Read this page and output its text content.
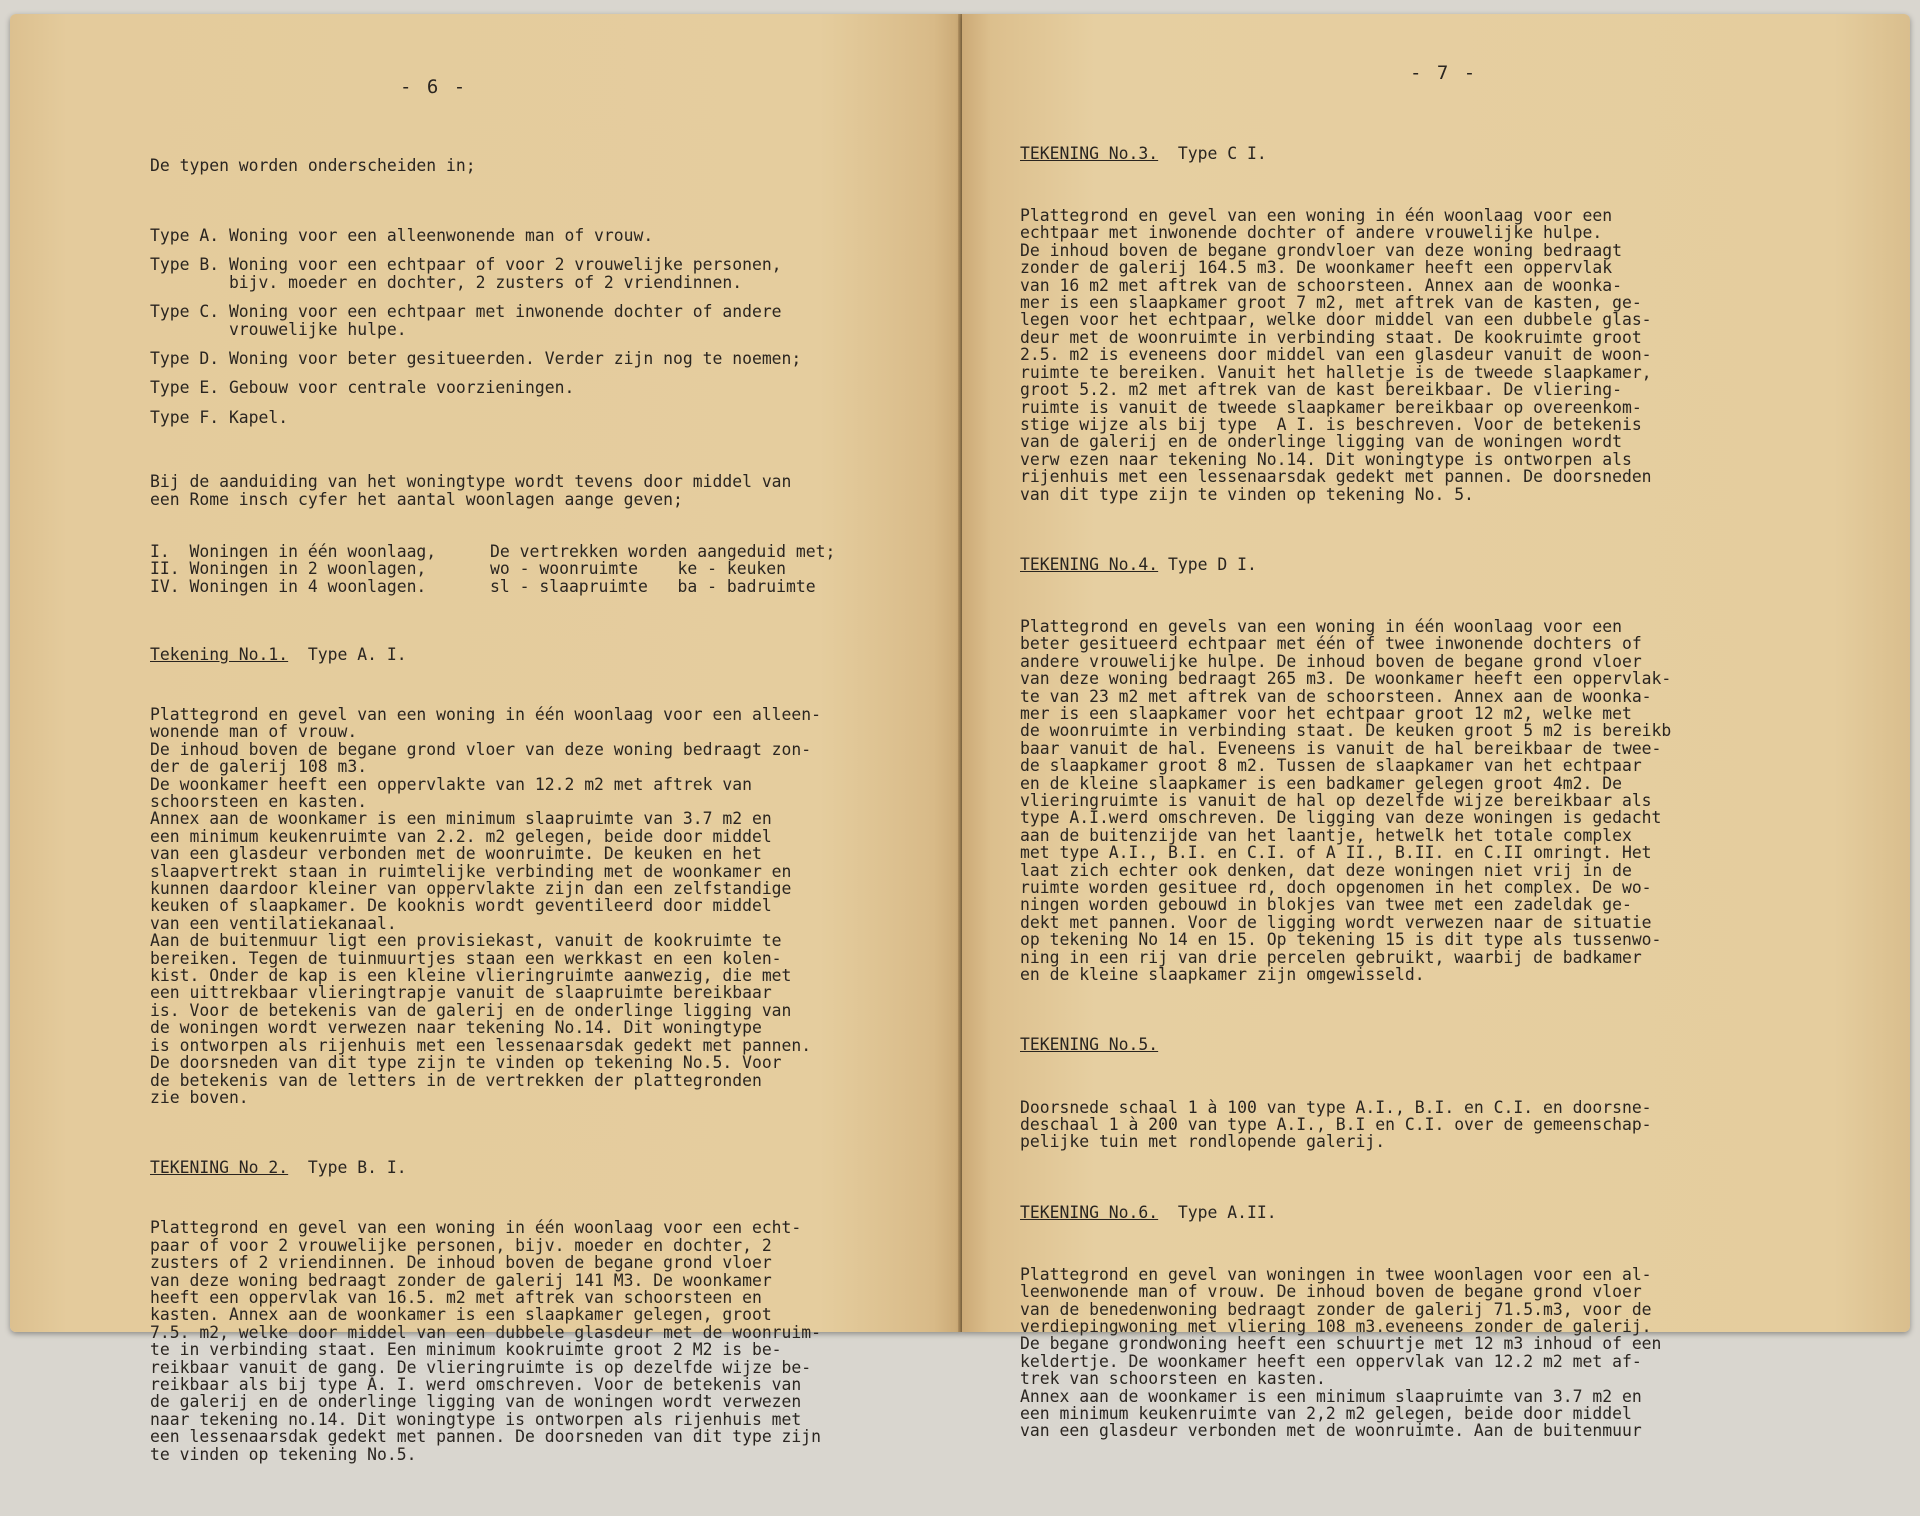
- 6 -

De typen worden onderscheiden in;

Type A. Woning voor een alleenwonende man of vrouw.
Type B. Woning voor een echtpaar of voor 2 vrouwelijke personen,
bijv. moeder en dochter, 2 zusters of 2 vriendinnen.
Type C. Woning voor een echtpaar met inwonende dochter of andere
vrouwelijke hulpe.
Type D. Woning voor beter gesitueerden. Verder zijn nog te noemen;
Type E. Gebouw voor centrale voorzieningen.
Type F. Kapel.

Bij de aanduiding van het woningtype wordt tevens door middel van
een Rome insch cyfer het aantal woonlagen aange geven;

I.  Woningen in één woonlaag,
II. Woningen in 2 woonlagen,
IV. Woningen in 4 woonlagen.
De vertrekken worden aangeduid met;
wo - woonruimte    ke - keuken
sl - slaapruimte   ba - badruimte

Tekening No.1. Type A. I.

Plattegrond en gevel van een woning in één woonlaag voor een alleen-
wonende man of vrouw.
De inhoud boven de begane grond vloer van deze woning bedraagt zon-
der de galerij 108 m3.
De woonkamer heeft een oppervlakte van 12.2 m2 met aftrek van
schoorsteen en kasten.
Annex aan de woonkamer is een minimum slaapruimte van 3.7 m2 en
een minimum keukenruimte van 2.2. m2 gelegen, beide door middel
van een glasdeur verbonden met de woonruimte. De keuken en het
slaapvertrekt staan in ruimtelijke verbinding met de woonkamer en
kunnen daardoor kleiner van oppervlakte zijn dan een zelfstandige
keuken of slaapkamer. De kooknis wordt geventileerd door middel
van een ventilatiekanaal.
Aan de buitenmuur ligt een provisiekast, vanuit de kookruimte te
bereiken. Tegen de tuinmuurtjes staan een werkkast en een kolen-
kist. Onder de kap is een kleine vlieringruimte aanwezig, die met
een uittrekbaar vlieringtrapje vanuit de slaapruimte bereikbaar
is. Voor de betekenis van de galerij en de onderlinge ligging van
de woningen wordt verwezen naar tekening No.14. Dit woningtype
is ontworpen als rijenhuis met een lessenaarsdak gedekt met pannen.
De doorsneden van dit type zijn te vinden op tekening No.5. Voor
de betekenis van de letters in de vertrekken der plattegronden
zie boven.

TEKENING No 2. Type B. I.

Plattegrond en gevel van een woning in één woonlaag voor een echt-
paar of voor 2 vrouwelijke personen, bijv. moeder en dochter, 2
zusters of 2 vriendinnen. De inhoud boven de begane grond vloer
van deze woning bedraagt zonder de galerij 141 M3. De woonkamer
heeft een oppervlak van 16.5. m2 met aftrek van schoorsteen en
kasten. Annex aan de woonkamer is een slaapkamer gelegen, groot
7.5. m2, welke door middel van een dubbele glasdeur met de woonruim-
te in verbinding staat. Een minimum kookruimte groot 2 M2 is be-
reikbaar vanuit de gang. De vlieringruimte is op dezelfde wijze be-
reikbaar als bij type A. I. werd omschreven. Voor de betekenis van
de galerij en de onderlinge ligging van de woningen wordt verwezen
naar tekening no.14. Dit woningtype is ontworpen als rijenhuis met
een lessenaarsdak gedekt met pannen. De doorsneden van dit type zijn
te vinden op tekening No.5.

- 7 -

TEKENING No.3. Type C I.

Plattegrond en gevel van een woning in één woonlaag voor een
echtpaar met inwonende dochter of andere vrouwelijke hulpe.
De inhoud boven de begane grondvloer van deze woning bedraagt
zonder de galerij 164.5 m3. De woonkamer heeft een oppervlak
van 16 m2 met aftrek van de schoorsteen. Annex aan de woonka-
mer is een slaapkamer groot 7 m2, met aftrek van de kasten, ge-
legen voor het echtpaar, welke door middel van een dubbele glas-
deur met de woonruimte in verbinding staat. De kookruimte groot
2.5. m2 is eveneens door middel van een glasdeur vanuit de woon-
ruimte te bereiken. Vanuit het halletje is de tweede slaapkamer,
groot 5.2. m2 met aftrek van de kast bereikbaar. De vliering-
ruimte is vanuit de tweede slaapkamer bereikbaar op overeenkom-
stige wijze als bij type  A I. is beschreven. Voor de betekenis
van de galerij en de onderlinge ligging van de woningen wordt
verw ezen naar tekening No.14. Dit woningtype is ontworpen als
rijenhuis met een lessenaarsdak gedekt met pannen. De doorsneden
van dit type zijn te vinden op tekening No. 5.

TEKENING No.4. Type D I.

Plattegrond en gevels van een woning in één woonlaag voor een
beter gesitueerd echtpaar met één of twee inwonende dochters of
andere vrouwelijke hulpe. De inhoud boven de begane grond vloer
van deze woning bedraagt 265 m3. De woonkamer heeft een oppervlak-
te van 23 m2 met aftrek van de schoorsteen. Annex aan de woonka-
mer is een slaapkamer voor het echtpaar groot 12 m2, welke met
de woonruimte in verbinding staat. De keuken groot 5 m2 is bereikb
baar vanuit de hal. Eveneens is vanuit de hal bereikbaar de twee-
de slaapkamer groot 8 m2. Tussen de slaapkamer van het echtpaar
en de kleine slaapkamer is een badkamer gelegen groot 4m2. De
vlieringruimte is vanuit de hal op dezelfde wijze bereikbaar als
type A.I.werd omschreven. De ligging van deze woningen is gedacht
aan de buitenzijde van het laantje, hetwelk het totale complex
met type A.I., B.I. en C.I. of A II., B.II. en C.II omringt. Het
laat zich echter ook denken, dat deze woningen niet vrij in de
ruimte worden gesituee rd, doch opgenomen in het complex. De wo-
ningen worden gebouwd in blokjes van twee met een zadeldak ge-
dekt met pannen. Voor de ligging wordt verwezen naar de situatie
op tekening No 14 en 15. Op tekening 15 is dit type als tussenwo-
ning in een rij van drie percelen gebruikt, waarbij de badkamer
en de kleine slaapkamer zijn omgewisseld.

TEKENING No.5.

Doorsnede schaal 1 à 100 van type A.I., B.I. en C.I. en doorsne-
deschaal 1 à 200 van type A.I., B.I en C.I. over de gemeenschap-
pelijke tuin met rondlopende galerij.

TEKENING No.6. Type A.II.

Plattegrond en gevel van woningen in twee woonlagen voor een al-
leenwonende man of vrouw. De inhoud boven de begane grond vloer
van de benedenwoning bedraagt zonder de galerij 71.5.m3, voor de
verdiepingwoning met vliering 108 m3.eveneens zonder de galerij.
De begane grondwoning heeft een schuurtje met 12 m3 inhoud of een
keldertje. De woonkamer heeft een oppervlak van 12.2 m2 met af-
trek van schoorsteen en kasten.
Annex aan de woonkamer is een minimum slaapruimte van 3.7 m2 en
een minimum keukenruimte van 2,2 m2 gelegen, beide door middel
van een glasdeur verbonden met de woonruimte. Aan de buitenmuur
